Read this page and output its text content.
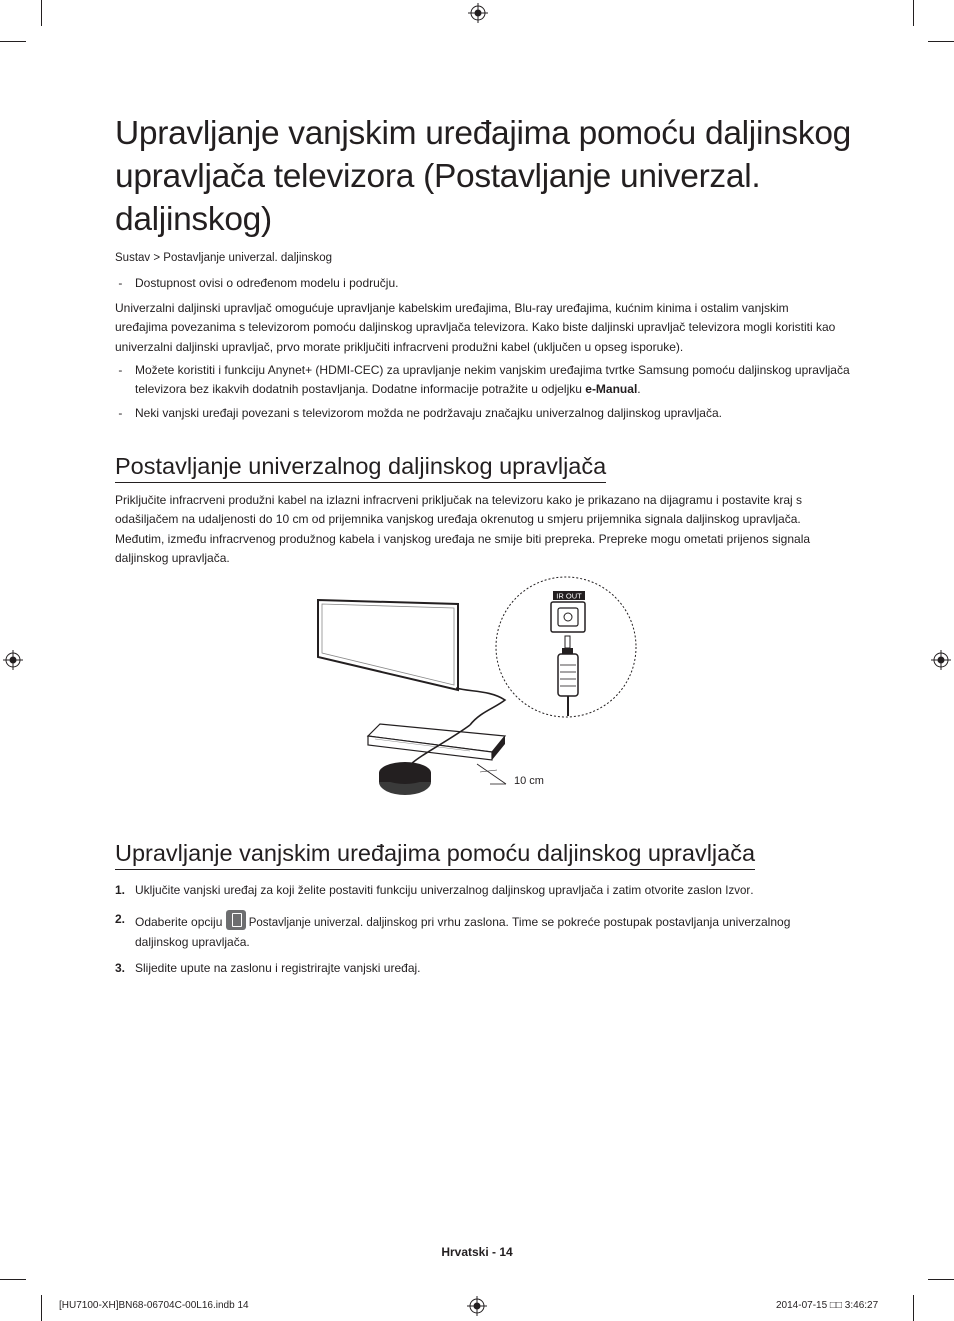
Upravljanje vanjskim uređajima pomoću daljinskog upravljača televizora (Postavljanje univerzal. daljinskog)
Sustav > Postavljanje univerzal. daljinskog
-	Dostupnost ovisi o određenom modelu i području.

Univerzalni daljinski upravljač omogućuje upravljanje kabelskim uređajima, Blu-ray uređajima, kućnim kinima i ostalim vanjskim uređajima povezanima s televizorom pomoću daljinskog upravljača televizora. Kako biste daljinski upravljač televizora mogli koristiti kao univerzalni daljinski upravljač, prvo morate priključiti infracrveni produžni kabel (uključen u opseg isporuke).

-	Možete koristiti i funkciju Anynet+ (HDMI-CEC) za upravljanje nekim vanjskim uređajima tvrtke Samsung pomoću daljinskog upravljača televizora bez ikakvih dodatnih postavljanja. Dodatne informacije potražite u odjeljku e-Manual.
-	Neki vanjski uređaji povezani s televizorom možda ne podržavaju značajku univerzalnog daljinskog upravljača.
Postavljanje univerzalnog daljinskog upravljača

Priključite infracrveni produžni kabel na izlazni infracrveni priključak na televizoru kako je prikazano na dijagramu i postavite kraj s odašiljačem na udaljenosti do 10 cm od prijemnika vanjskog uređaja okrenutog u smjeru prijemnika signala daljinskog upravljača. Međutim, između infracrvenog produžnog kabela i vanjskog uređaja ne smije biti prepreka. Prepreke mogu ometati prijenos signala daljinskog upravljača.

IR OUT
10 cm
Upravljanje vanjskim uređajima pomoću daljinskog upravljača
1. Uključite vanjski uređaj za koji želite postaviti funkciju univerzalnog daljinskog upravljača i zatim otvorite zaslon Izvor.
2. Odaberite opciju Postavljanje univerzal. daljinskog pri vrhu zaslona. Time se pokreće postupak postavljanja univerzalnog daljinskog upravljača.
3. Slijedite upute na zaslonu i registrirajte vanjski uređaj.
Hrvatski - 14
[HU7100-XH]BN68-06704C-00L16.indb 14	2014-07-15 □□ 3:46:27
